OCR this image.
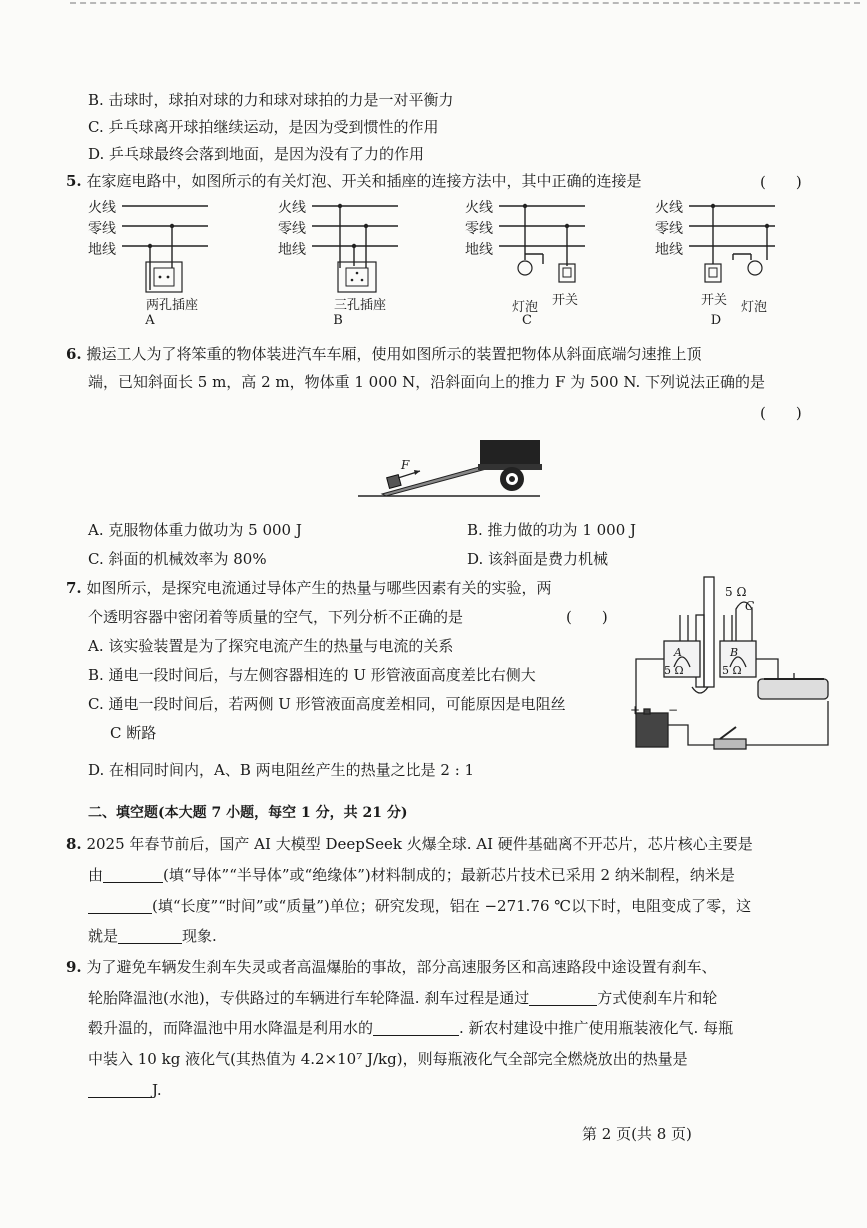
B. 击球时，球拍对球的力和球对球拍的力是一对平衡力
C. 乒乓球离开球拍继续运动，是因为受到惯性的作用
D. 乒乓球最终会落到地面，是因为没有了力的作用
5. 在家庭电路中，如图所示的有关灯泡、开关和插座的连接方法中，其中正确的连接是	(　　)
火线
零线
地线
两孔插座
A
火线
零线
地线
三孔插座
B
火线
零线
地线
灯泡	开关
C
火线
零线
地线
开关	灯泡
D
6. 搬运工人为了将笨重的物体装进汽车车厢，使用如图所示的装置把物体从斜面底端匀速推上顶
端，已知斜面长 5 m，高 2 m，物体重 1 000 N，沿斜面向上的推力 F 为 500 N. 下列说法正确的是
(　　)
F
A. 克服物体重力做功为 5 000 J	B. 推力做的功为 1 000 J
C. 斜面的机械效率为 80%	D. 该斜面是费力机械
7. 如图所示，是探究电流通过导体产生的热量与哪些因素有关的实验，两
个透明容器中密闭着等质量的空气，下列分析不正确的是	(　　)
A. 该实验装置是为了探究电流产生的热量与电流的关系
B. 通电一段时间后，与左侧容器相连的 U 形管液面高度差比右侧大
C. 通电一段时间后，若两侧 U 形管液面高度差相同，可能原因是电阻丝
C 断路
D. 在相同时间内，A、B 两电阻丝产生的热量之比是 2 : 1
5 Ω
C
A	B
5 Ω	5 Ω
+ −
二、填空题(本大题 7 小题，每空 1 分，共 21 分)
8. 2025 年春节前后，国产 AI 大模型 DeepSeek 火爆全球. AI 硬件基础离不开芯片，芯片核心主要是
由	(填“导体”“半导体”或“绝缘体”)材料制成的；最新芯片技术已采用 2 纳米制程，纳米是
(填“长度”“时间”或“质量”)单位；研究发现，铝在 −271.76 ℃以下时，电阻变成了零，这
就是	现象.
9. 为了避免车辆发生刹车失灵或者高温爆胎的事故，部分高速服务区和高速路段中途设置有刹车、
轮胎降温池(水池)，专供路过的车辆进行车轮降温. 刹车过程是通过	方式使刹车片和轮
毂升温的，而降温池中用水降温是利用水的	. 新农村建设中推广使用瓶装液化气. 每瓶
中装入 10 kg 液化气(其热值为 4.2×10⁷ J/kg)，则每瓶液化气全部完全燃烧放出的热量是
J.
第 2 页(共 8 页)
